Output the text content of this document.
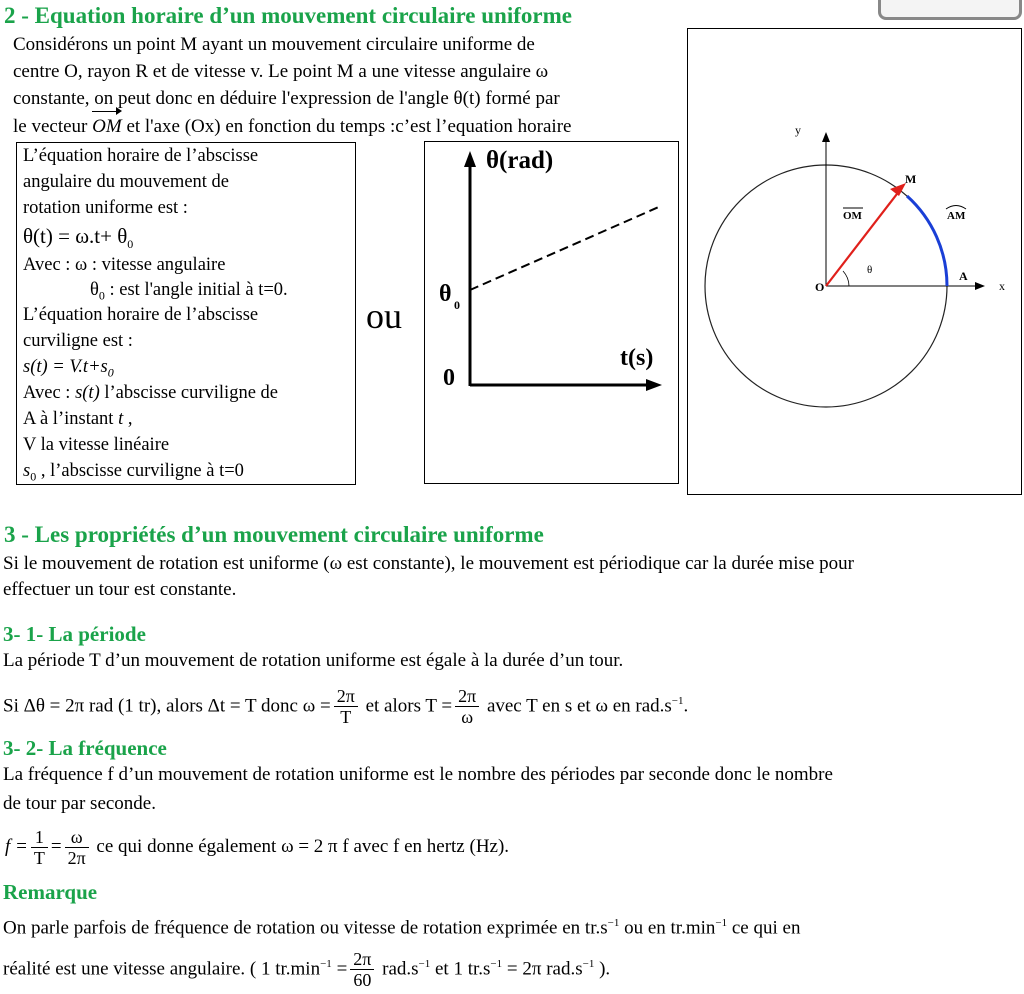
2 - Equation horaire d’un mouvement circulaire uniforme
Considérons un point M ayant un mouvement circulaire uniforme de
centre O, rayon R et de vitesse v. Le point M a une vitesse angulaire ω
constante, on peut donc en déduire l'expression de l'angle θ(t) formé par
le vecteur OM et l'axe (Ox) en fonction du temps :c’est l’equation horaire
L’équation horaire de l’abscisse
angulaire du mouvement de
rotation uniforme est :
$\theta(t) = \omega.t+ \theta_0$
Avec : ω : vitesse angulaire
$\theta_0$ : est l'angle initial à t=0.
L’équation horaire de l’abscisse
curviligne est :
$s(t) = V.t+s_0$
Avec : s(t) l’abscisse curviligne de
A à l’instant t ,
V la vitesse linéaire
$s_0$ , l’abscisse curviligne à t=0
ou
θ(rad)
t(s)
0
θ 0
y
x
O
A
M
OM	AM
θ
3 - Les propriétés d’un mouvement circulaire uniforme
Si le mouvement de rotation est uniforme (ω est constante), le mouvement est périodique car la durée mise pour
effectuer un tour est constante.
3- 1- La période
La période T d’un mouvement de rotation uniforme est égale à la durée d’un tour.
Si Δθ = 2π rad (1 tr), alors Δt = T donc $\omega = \frac{2\pi}{T}$ et alors $T = \frac{2\pi}{\omega}$ avec T en s et ω en $rad.s^{-1}$.
3- 2- La fréquence
La fréquence f d’un mouvement de rotation uniforme est le nombre des périodes par seconde donc le nombre
de tour par seconde.
$f = \frac{1}{T} = \frac{\omega}{2\pi}$ ce qui donne également ω = 2 π f avec f en hertz (Hz).
Remarque
On parle parfois de fréquence de rotation ou vitesse de rotation exprimée en $tr.s^{-1}$ ou en $tr.\min^{-1}$ ce qui en
réalité est une vitesse angulaire. ( 1 $tr.\min^{-1} = \frac{2\pi}{60} rad.s^{-1}$ et 1 $tr.s^{-1} = 2\pi$ $rad.s^{-1}$ ).
